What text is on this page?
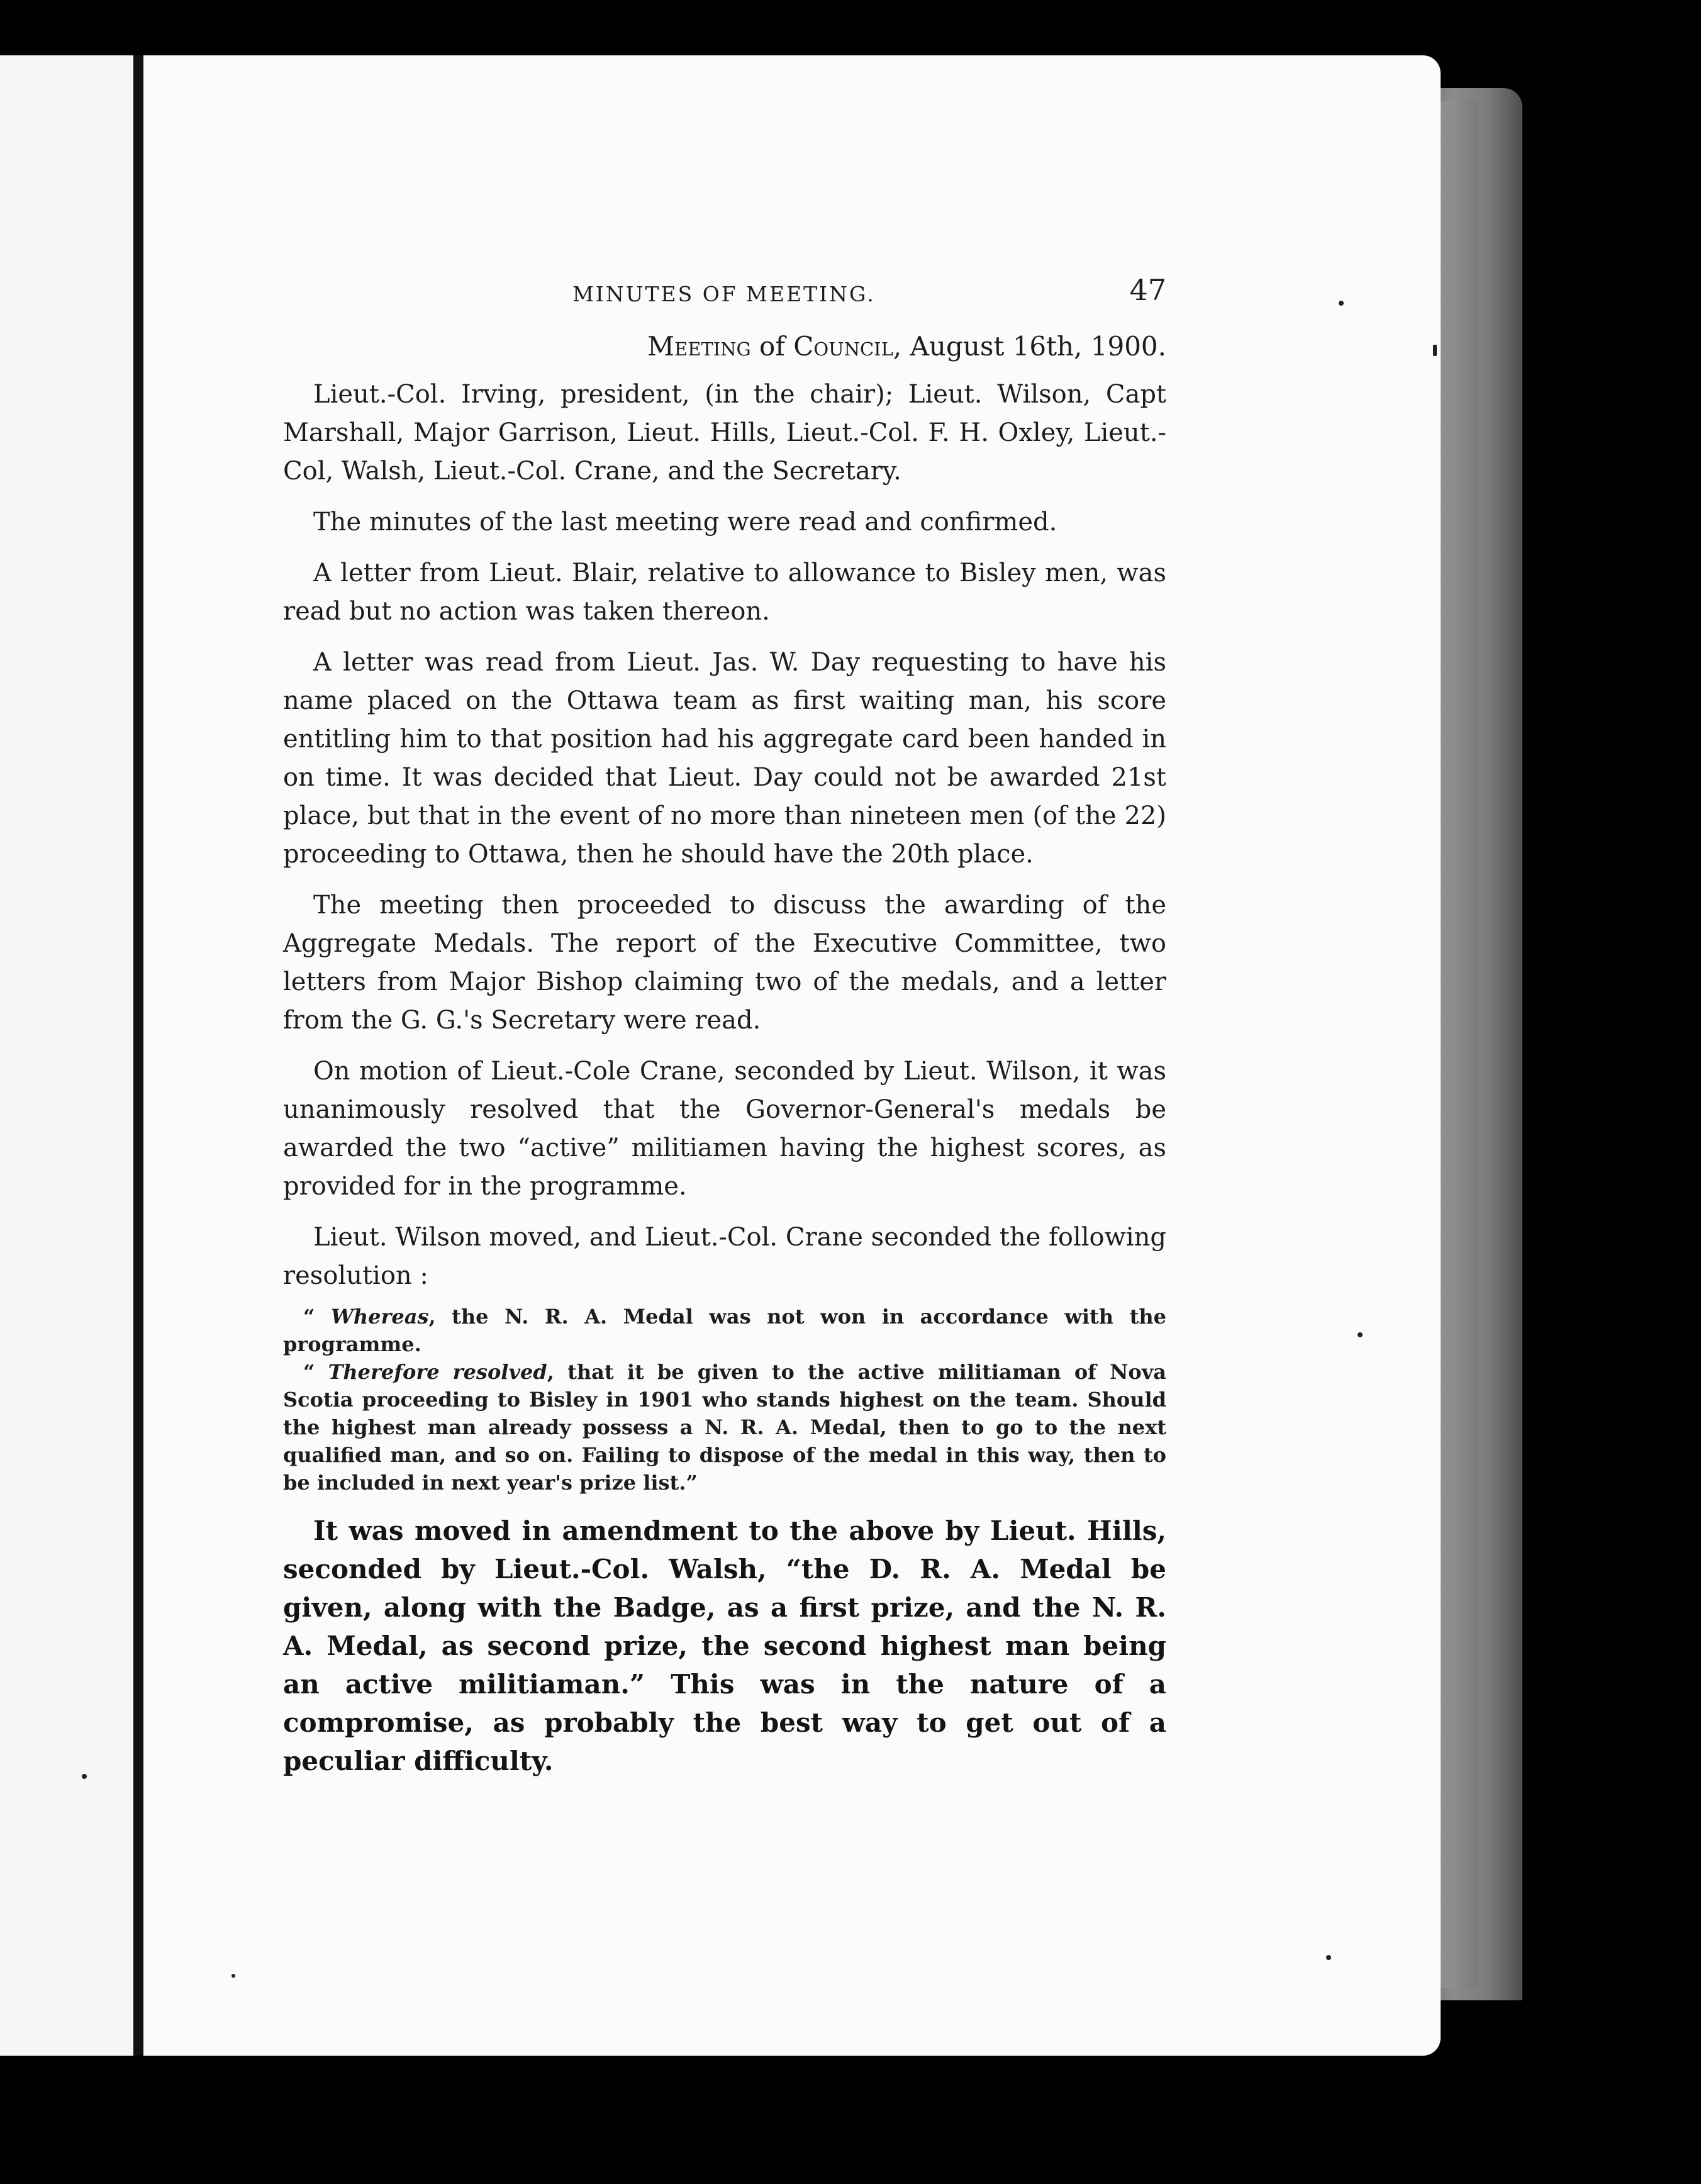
MINUTES OF MEETING.	47
Meeting of Council, August 16th, 1900.

Lieut.-Col. Irving, president, (in the chair); Lieut. Wilson, Capt Marshall, Major Garrison, Lieut. Hills, Lieut.-Col. F. H. Oxley, Lieut.-Col, Walsh, Lieut.-Col. Crane, and the Secretary.

The minutes of the last meeting were read and confirmed.

A letter from Lieut. Blair, relative to allowance to Bisley men, was read but no action was taken thereon.

A letter was read from Lieut. Jas. W. Day requesting to have his name placed on the Ottawa team as first waiting man, his score entitling him to that position had his aggregate card been handed in on time. It was decided that Lieut. Day could not be awarded 21st place, but that in the event of no more than nineteen men (of the 22) proceeding to Ottawa, then he should have the 20th place.

The meeting then proceeded to discuss the awarding of the Aggregate Medals. The report of the Executive Committee, two letters from Major Bishop claiming two of the medals, and a letter from the G. G.'s Secretary were read.

On motion of Lieut.-Cole Crane, seconded by Lieut. Wilson, it was unanimously resolved that the Governor-General's medals be awarded the two “active” militiamen having the highest scores, as provided for in the programme.

Lieut. Wilson moved, and Lieut.-Col. Crane seconded the following resolution :

“ Whereas, the N. R. A. Medal was not won in accordance with the programme.

“ Therefore resolved, that it be given to the active militiaman of Nova Scotia proceeding to Bisley in 1901 who stands highest on the team. Should the highest man already possess a N. R. A. Medal, then to go to the next qualified man, and so on. Failing to dispose of the medal in this way, then to be included in next year's prize list.”

It was moved in amendment to the above by Lieut. Hills, seconded by Lieut.-Col. Walsh, “the D. R. A. Medal be given, along with the Badge, as a first prize, and the N. R. A. Medal, as second prize, the second highest man being an active militiaman.” This was in the nature of a compromise, as probably the best way to get out of a peculiar difficulty.
